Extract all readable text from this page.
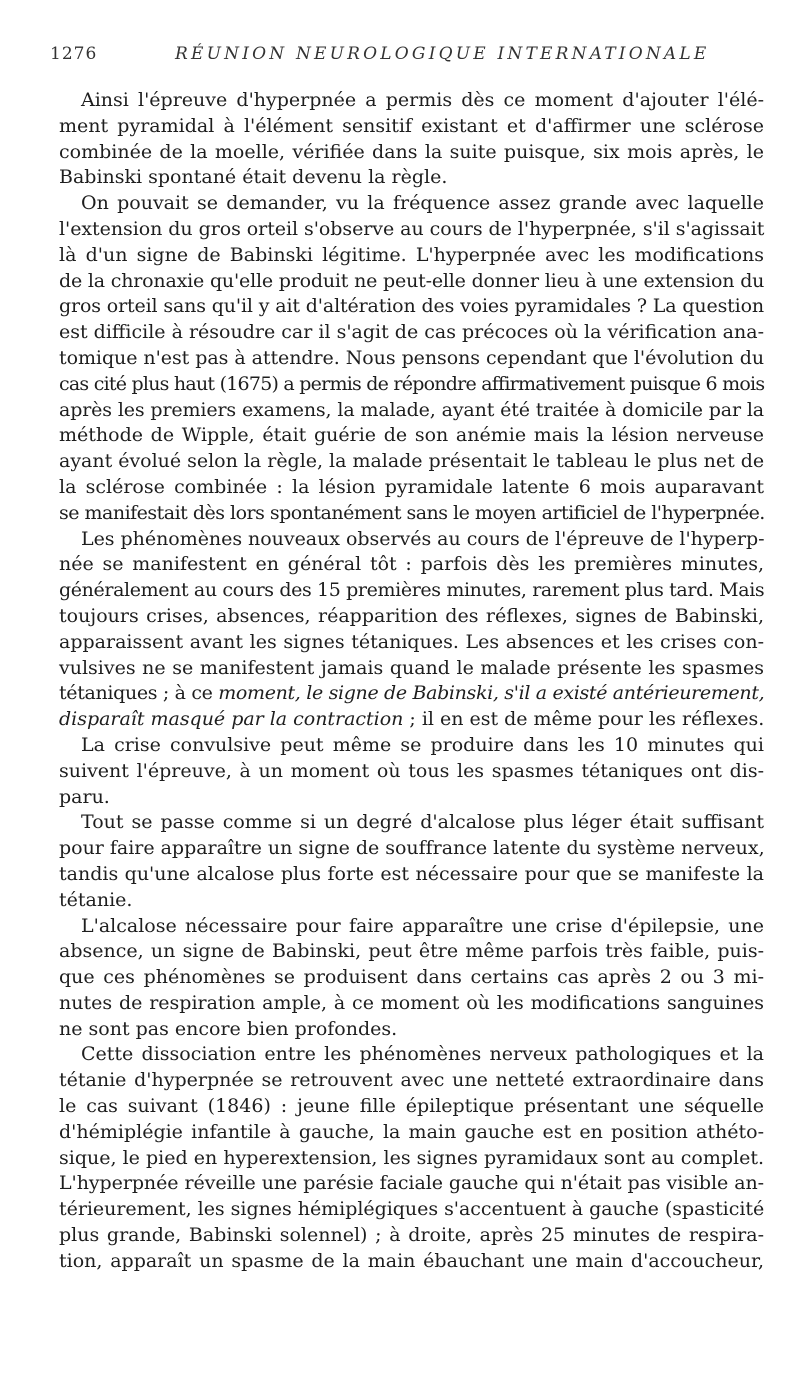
1276	RÉUNION NEUROLOGIQUE INTERNATIONALE
Ainsi l'épreuve d'hyperpnée a permis dès ce moment d'ajouter l'élé-
ment pyramidal à l'élément sensitif existant et d'affirmer une sclérose
combinée de la moelle, vérifiée dans la suite puisque, six mois après, le
Babinski spontané était devenu la règle.
On pouvait se demander, vu la fréquence assez grande avec laquelle
l'extension du gros orteil s'observe au cours de l'hyperpnée, s'il s'agissait
là d'un signe de Babinski légitime. L'hyperpnée avec les modifications
de la chronaxie qu'elle produit ne peut-elle donner lieu à une extension du
gros orteil sans qu'il y ait d'altération des voies pyramidales ? La question
est difficile à résoudre car il s'agit de cas précoces où la vérification ana-
tomique n'est pas à attendre. Nous pensons cependant que l'évolution du
cas cité plus haut (1675) a permis de répondre affirmativement puisque 6 mois
après les premiers examens, la malade, ayant été traitée à domicile par la
méthode de Wipple, était guérie de son anémie mais la lésion nerveuse
ayant évolué selon la règle, la malade présentait le tableau le plus net de
la sclérose combinée : la lésion pyramidale latente 6 mois auparavant
se manifestait dès lors spontanément sans le moyen artificiel de l'hyperpnée.
Les phénomènes nouveaux observés au cours de l'épreuve de l'hyperp-
née se manifestent en général tôt : parfois dès les premières minutes,
généralement au cours des 15 premières minutes, rarement plus tard. Mais
toujours crises, absences, réapparition des réflexes, signes de Babinski,
apparaissent avant les signes tétaniques. Les absences et les crises con-
vulsives ne se manifestent jamais quand le malade présente les spasmes
tétaniques ; à ce moment, le signe de Babinski, s'il a existé antérieurement,
disparaît masqué par la contraction ; il en est de même pour les réflexes.
La crise convulsive peut même se produire dans les 10 minutes qui
suivent l'épreuve, à un moment où tous les spasmes tétaniques ont dis-
paru.
Tout se passe comme si un degré d'alcalose plus léger était suffisant
pour faire apparaître un signe de souffrance latente du système nerveux,
tandis qu'une alcalose plus forte est nécessaire pour que se manifeste la
tétanie.
L'alcalose nécessaire pour faire apparaître une crise d'épilepsie, une
absence, un signe de Babinski, peut être même parfois très faible, puis-
que ces phénomènes se produisent dans certains cas après 2 ou 3 mi-
nutes de respiration ample, à ce moment où les modifications sanguines
ne sont pas encore bien profondes.
Cette dissociation entre les phénomènes nerveux pathologiques et la
tétanie d'hyperpnée se retrouvent avec une netteté extraordinaire dans
le cas suivant (1846) : jeune fille épileptique présentant une séquelle
d'hémiplégie infantile à gauche, la main gauche est en position athéto-
sique, le pied en hyperextension, les signes pyramidaux sont au complet.
L'hyperpnée réveille une parésie faciale gauche qui n'était pas visible an-
térieurement, les signes hémiplégiques s'accentuent à gauche (spasticité
plus grande, Babinski solennel) ; à droite, après 25 minutes de respira-
tion, apparaît un spasme de la main ébauchant une main d'accoucheur,
